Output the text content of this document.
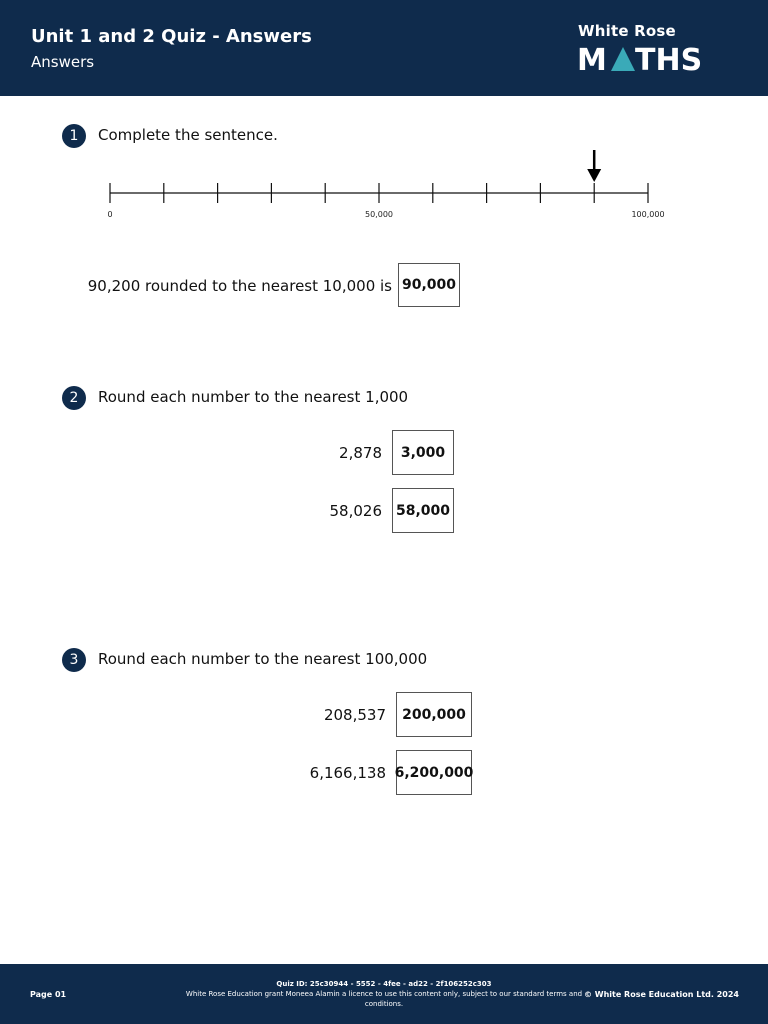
Unit 1 and 2 Quiz - Answers
Answers
White Rose
M THS
1	Complete the sentence.
0	50,000	100,000
90,200 rounded to the nearest 10,000 is 90,000
2	Round each number to the nearest 1,000
2,878	3,000
58,026 58,000
3	Round each number to the nearest 100,000
208,537	200,000
6,166,138 6,200,000
Page 01
Quiz ID: 25c30944 - 5552 - 4fee - ad22 - 2f106252c303
White Rose Education grant Moneea Alamin a licence to use this content only, subject to our standard terms and conditions.
© White Rose Education Ltd. 2024
